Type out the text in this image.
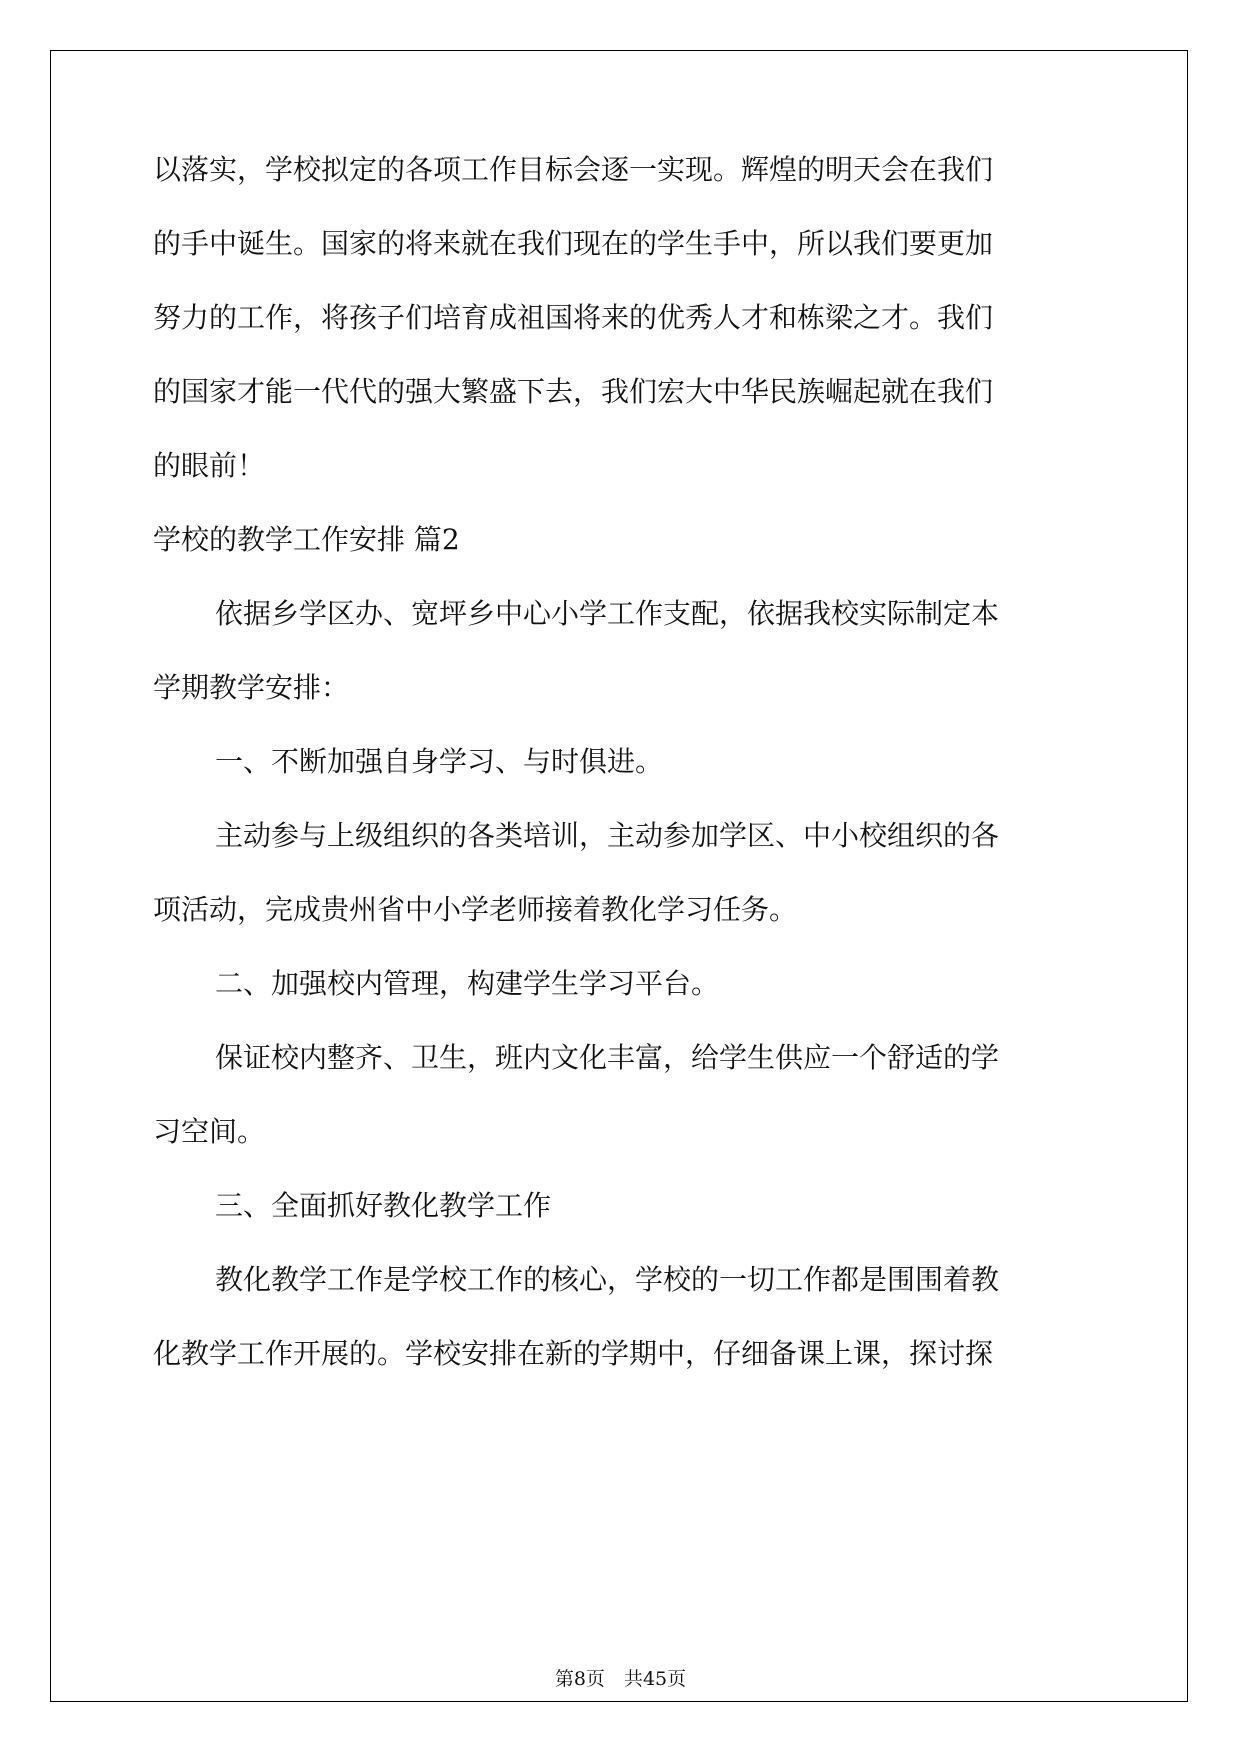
以落实，学校拟定的各项工作目标会逐一实现。辉煌的明天会在我们
的手中诞生。国家的将来就在我们现在的学生手中，所以我们要更加
努力的工作，将孩子们培育成祖国将来的优秀人才和栋梁之才。我们
的国家才能一代代的强大繁盛下去，我们宏大中华民族崛起就在我们
的眼前！
学校的教学工作安排 篇2
依据乡学区办、宽坪乡中心小学工作支配，依据我校实际制定本
学期教学安排：
一、不断加强自身学习、与时俱进。
主动参与上级组织的各类培训，主动参加学区、中小校组织的各
项活动，完成贵州省中小学老师接着教化学习任务。
二、加强校内管理，构建学生学习平台。
保证校内整齐、卫生，班内文化丰富，给学生供应一个舒适的学
习空间。
三、全面抓好教化教学工作
教化教学工作是学校工作的核心，学校的一切工作都是围围着教
化教学工作开展的。学校安排在新的学期中，仔细备课上课，探讨探
第8页　 共45页
